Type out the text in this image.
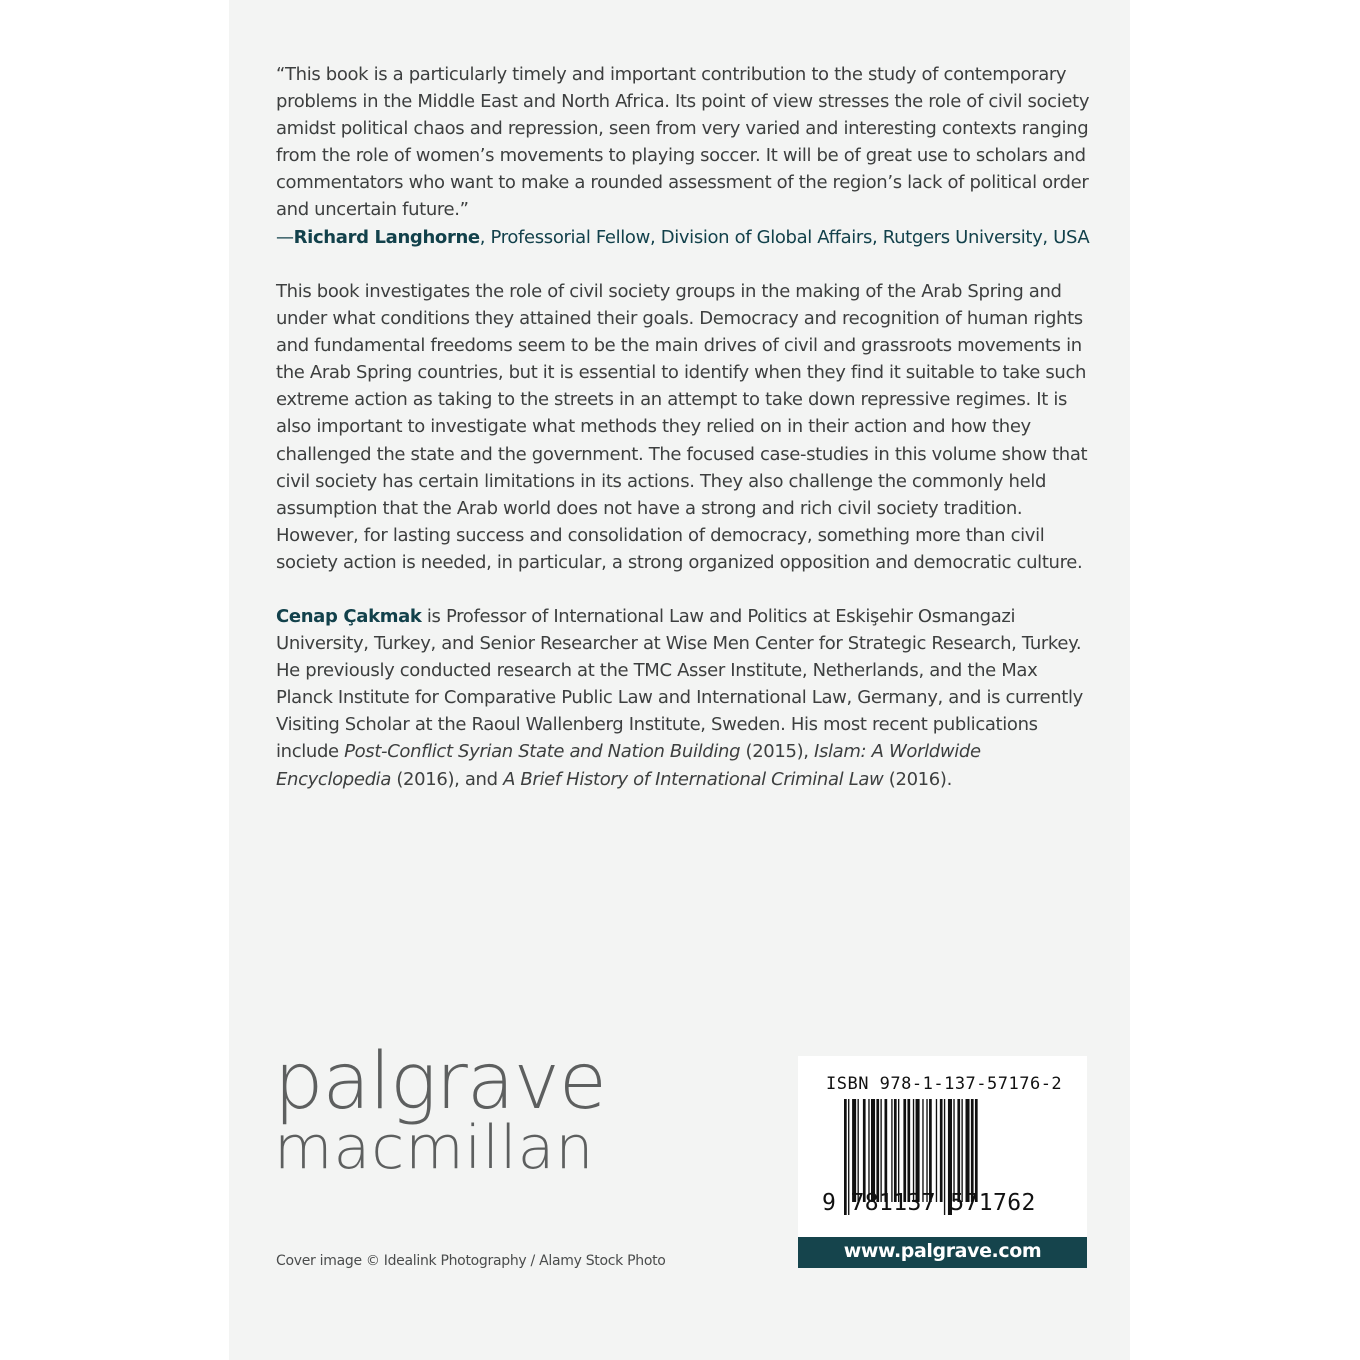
“This book is a particularly timely and important contribution to the study of contemporary problems in the Middle East and North Africa. Its point of view stresses the role of civil society amidst political chaos and repression, seen from very varied and interesting contexts ranging from the role of women’s movements to playing soccer. It will be of great use to scholars and commentators who want to make a rounded assessment of the region’s lack of political order and uncertain future.”

—Richard Langhorne, Professorial Fellow, Division of Global Affairs, Rutgers University, USA

This book investigates the role of civil society groups in the making of the Arab Spring and under what conditions they attained their goals. Democracy and recognition of human rights and fundamental freedoms seem to be the main drives of civil and grassroots movements in the Arab Spring countries, but it is essential to identify when they find it suitable to take such extreme action as taking to the streets in an attempt to take down repressive regimes. It is also important to investigate what methods they relied on in their action and how they challenged the state and the government. The focused case-studies in this volume show that civil society has certain limitations in its actions. They also challenge the commonly held assumption that the Arab world does not have a strong and rich civil society tradition. However, for lasting success and consolidation of democracy, something more than civil society action is needed, in particular, a strong organized opposition and democratic culture.

Cenap Çakmak is Professor of International Law and Politics at Eskişehir Osmangazi University, Turkey, and Senior Researcher at Wise Men Center for Strategic Research, Turkey. He previously conducted research at the TMC Asser Institute, Netherlands, and the Max Planck Institute for Comparative Public Law and International Law, Germany, and is currently Visiting Scholar at the Raoul Wallenberg Institute, Sweden. His most recent publications include Post-Conflict Syrian State and Nation Building (2015), Islam: A Worldwide Encyclopedia (2016), and A Brief History of International Criminal Law (2016).

palgrave
macmillan
Cover image © Idealink Photography / Alamy Stock Photo
ISBN 978-1-137-57176-2
9 781137 571762
www.palgrave.com
